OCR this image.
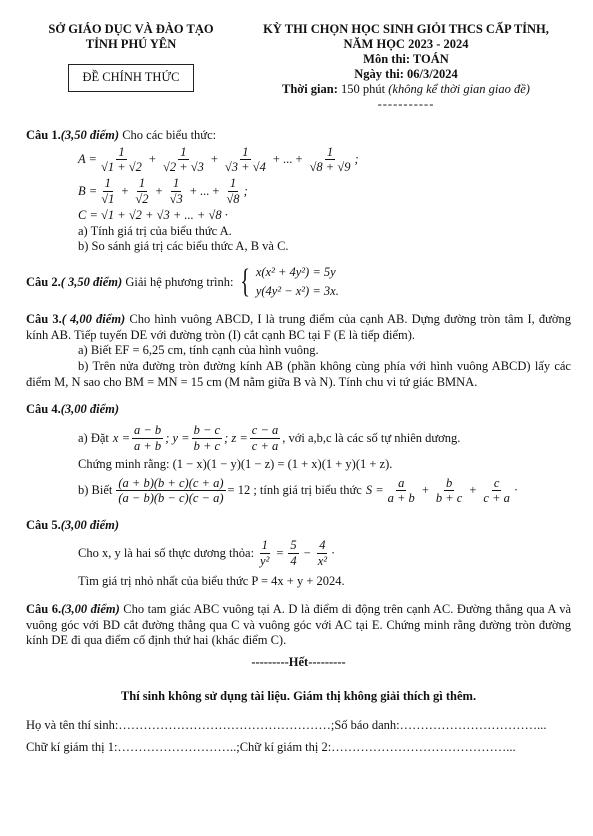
SỞ GIÁO DỤC VÀ ĐÀO TẠO
TỈNH PHÚ YÊN
ĐỀ CHÍNH THỨC
KỲ THI CHỌN HỌC SINH GIỎI THCS CẤP TỈNH,
NĂM HỌC 2023 - 2024
Môn thi: TOÁN
Ngày thi: 06/3/2024
Thời gian: 150 phút (không kể thời gian giao đề)
-----------
Câu 1.(3,50 điểm) Cho các biểu thức:
$A = \frac{1}{√1 + √2} + \frac{1}{√2 + √3} + \frac{1}{√3 + √4}$ + ... + $\frac{1}{√8 + √9}$ ;
$B = \frac{1}{√1} + \frac{1}{√2} + \frac{1}{√3}$ + ... + $\frac{1}{√8}$ ;
C = √1 + √2 + √3 + ... + √8 ·
a) Tính giá trị của biểu thức A.
b) So sánh giá trị các biểu thức A, B và C.
Câu 2. ( 3,50 điểm) Giải hệ phương trình: { x(x² + 4y²) = 5y
y(4y² − x²) = 3x.
Câu 3.( 4,00 điểm) Cho hình vuông ABCD, I là trung điểm của cạnh AB. Dựng đường tròn tâm I, đường kính AB. Tiếp tuyến DE với đường tròn (I) cắt cạnh BC tại F (E là tiếp điểm).
a) Biết EF = 6,25 cm, tính cạnh của hình vuông.
b) Trên nửa đường tròn đường kính AB (phần không cùng phía với hình vuông ABCD) lấy các điểm M, N sao cho BM = MN = 15 cm (M nằm giữa B và N). Tính chu vi tứ giác BMNA.
Câu 4.(3,00 điểm)
a) Đặt $x = \frac{a - b}{a + b}$ ; $y = \frac{b - c}{b + c}$ ; $z = \frac{c - a}{c + a}$ , với a,b,c là các số tự nhiên dương.
Chứng minh rằng: (1 − x)(1 − y)(1 − z) = (1 + x)(1 + y)(1 + z).
b) Biết $\frac{(a + b)(b + c)(c + a)}{(a - b)(b - c)(c - a)} = 12$ ; tính giá trị biểu thức $S = \frac{a}{a + b} + \frac{b}{b + c} + \frac{c}{c + a}$ ·
Câu 5.(3,00 điểm)
Cho x, y là hai số thực dương thỏa: $\frac{1}{\text{y²}} = \frac{5}{4} - \frac{4}{\text{x²}}$ ·
Tìm giá trị nhỏ nhất của biểu thức P = 4x + y + 2024.
Câu 6.(3,00 điểm) Cho tam giác ABC vuông tại A. D là điểm di động trên cạnh AC. Đường thẳng qua A và vuông góc với BD cắt đường thẳng qua C và vuông góc với AC tại E. Chứng minh rằng đường tròn đường kính DE đi qua điểm cố định thứ hai (khác điểm C).
---------Hết---------
Thí sinh không sử dụng tài liệu. Giám thị không giải thích gì thêm.
Họ và tên thí sinh:……………………………………………;Số báo danh:……………………………...
Chữ kí giám thị 1:………………………..;Chữ kí giám thị 2:……………………………………...
